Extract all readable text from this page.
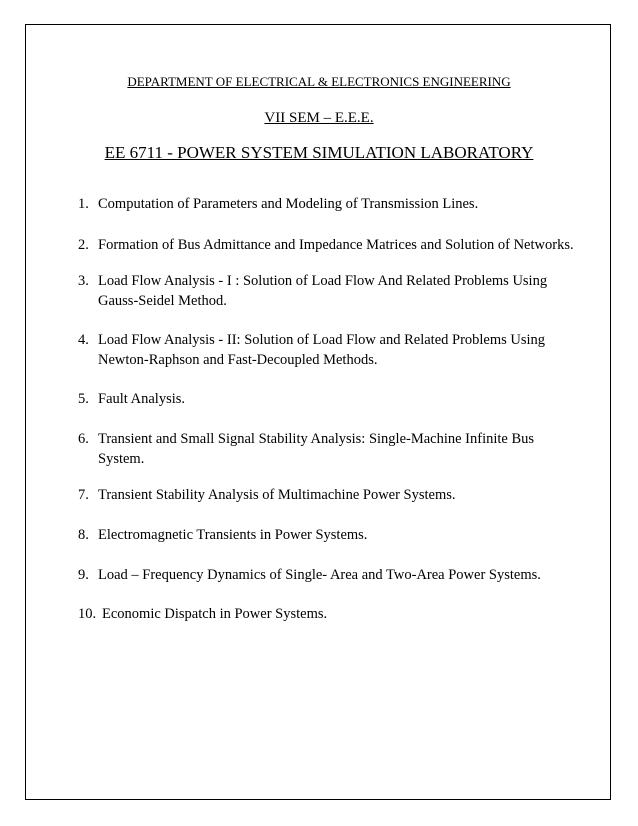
DEPARTMENT OF ELECTRICAL & ELECTRONICS ENGINEERING
VII SEM – E.E.E.
EE 6711 - POWER SYSTEM SIMULATION LABORATORY
1. Computation of Parameters and Modeling of Transmission Lines.
2. Formation of Bus Admittance and Impedance Matrices and Solution of Networks.
3. Load Flow Analysis - I : Solution of Load Flow And Related Problems Using
Gauss-Seidel Method.
4. Load Flow Analysis - II: Solution of Load Flow and Related Problems Using
Newton-Raphson and Fast-Decoupled Methods.
5. Fault Analysis.
6. Transient and Small Signal Stability Analysis: Single-Machine Infinite Bus
System.
7. Transient Stability Analysis of Multimachine Power Systems.
8. Electromagnetic Transients in Power Systems.
9. Load – Frequency Dynamics of Single- Area and Two-Area Power Systems.
10. Economic Dispatch in Power Systems.
